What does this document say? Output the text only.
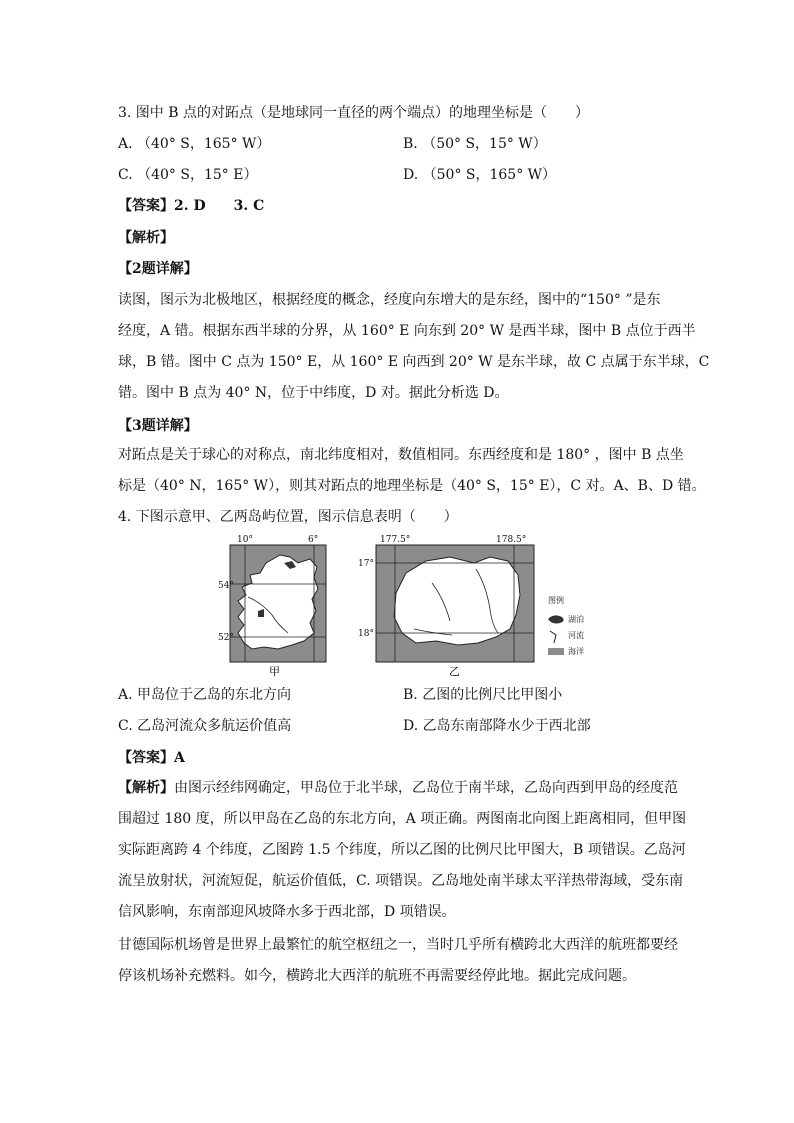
3. 图中 B 点的对跖点（是地球同一直径的两个端点）的地理坐标是（　　）
A. （40° S，165° W）	B. （50° S，15° W）
C. （40° S，15° E）	D. （50° S，165° W）
【答案】2. D　　3. C
【解析】
【2题详解】
读图，图示为北极地区，根据经度的概念，经度向东增大的是东经，图中的“150° ”是东
经度，A 错。根据东西半球的分界，从 160° E 向东到 20° W 是西半球，图中 B 点位于西半
球，B 错。图中 C 点为 150° E，从 160° E 向西到 20° W 是东半球，故 C 点属于东半球，C
错。图中 B 点为 40° N，位于中纬度，D 对。据此分析选 D。
【3题详解】
对跖点是关于球心的对称点，南北纬度相对，数值相同。东西经度和是 180° ，图中 B 点坐
标是（40° N，165° W），则其对跖点的地理坐标是（40° S，15° E），C 对。A、B、D 错。
4. 下图示意甲、乙两岛屿位置，图示信息表明（　　）
10°	6°
54°
52°
甲
177.5°	178.5°
17°
18°
乙
图例
湖泊
河流
海洋
A. 甲岛位于乙岛的东北方向	B. 乙图的比例尺比甲图小
C. 乙岛河流众多航运价值高	D. 乙岛东南部降水少于西北部
【答案】A
【解析】由图示经纬网确定，甲岛位于北半球，乙岛位于南半球，乙岛向西到甲岛的经度范
围超过 180 度，所以甲岛在乙岛的东北方向，A 项正确。两图南北向图上距离相同，但甲图
实际距离跨 4 个纬度，乙图跨 1.5 个纬度，所以乙图的比例尺比甲图大，B 项错误。乙岛河
流呈放射状，河流短促，航运价值低，C. 项错误。乙岛地处南半球太平洋热带海域，受东南
信风影响，东南部迎风坡降水多于西北部，D 项错误。
甘德国际机场曾是世界上最繁忙的航空枢纽之一，当时几乎所有横跨北大西洋的航班都要经
停该机场补充燃料。如今，横跨北大西洋的航班不再需要经停此地。据此完成问题。
